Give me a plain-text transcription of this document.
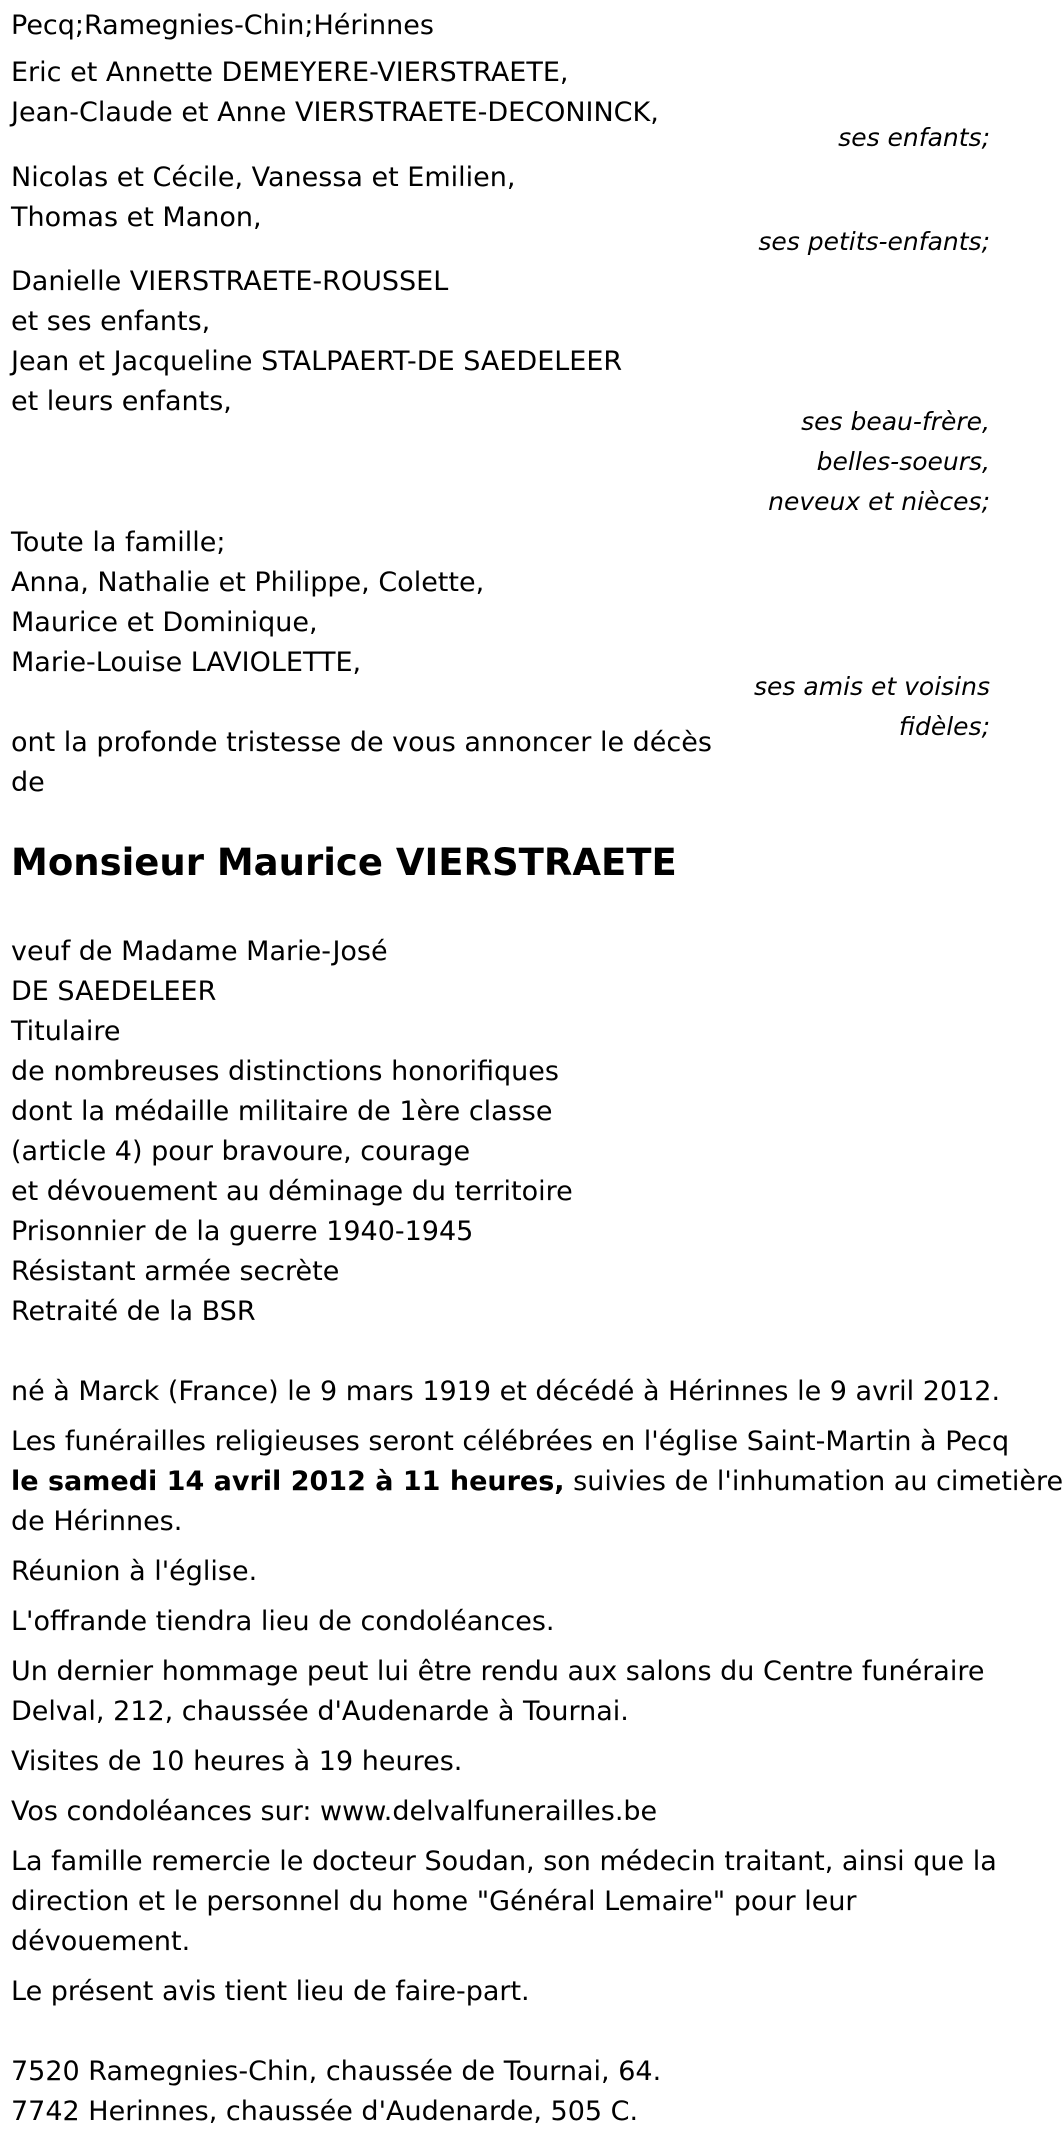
Pecq;Ramegnies-Chin;Hérinnes

Eric et Annette DEMEYERE-VIERSTRAETE,

Jean-Claude et Anne VIERSTRAETE-DECONINCK,

ses enfants;

Nicolas et Cécile, Vanessa et Emilien,

Thomas et Manon,

ses petits-enfants;

Danielle VIERSTRAETE-ROUSSEL

et ses enfants,

Jean et Jacqueline STALPAERT-DE SAEDELEER

et leurs enfants,

ses beau-frère,

belles-soeurs,

neveux et nièces;

Toute la famille;

Anna, Nathalie et Philippe, Colette,

Maurice et Dominique,

Marie-Louise LAVIOLETTE,

ses amis et voisins

fidèles;

ont la profonde tristesse de vous annoncer le décès

de

Monsieur Maurice VIERSTRAETE

veuf de Madame Marie-José

DE SAEDELEER

Titulaire

de nombreuses distinctions honorifiques

dont la médaille militaire de 1ère classe

(article 4) pour bravoure, courage

et dévouement au déminage du territoire

Prisonnier de la guerre 1940-1945

Résistant armée secrète

Retraité de la BSR

né à Marck (France) le 9 mars 1919 et décédé à Hérinnes le 9 avril 2012.

Les funérailles religieuses seront célébrées en l'église Saint-Martin à Pecq

le samedi 14 avril 2012 à 11 heures, suivies de l'inhumation au cimetière

de Hérinnes.

Réunion à l'église.

L'offrande tiendra lieu de condoléances.

Un dernier hommage peut lui être rendu aux salons du Centre funéraire

Delval, 212, chaussée d'Audenarde à Tournai.

Visites de 10 heures à 19 heures.

Vos condoléances sur: www.delvalfunerailles.be

La famille remercie le docteur Soudan, son médecin traitant, ainsi que la

direction et le personnel du home "Général Lemaire" pour leur

dévouement.

Le présent avis tient lieu de faire-part.

7520 Ramegnies-Chin, chaussée de Tournai, 64.

7742 Herinnes, chaussée d'Audenarde, 505 C.
